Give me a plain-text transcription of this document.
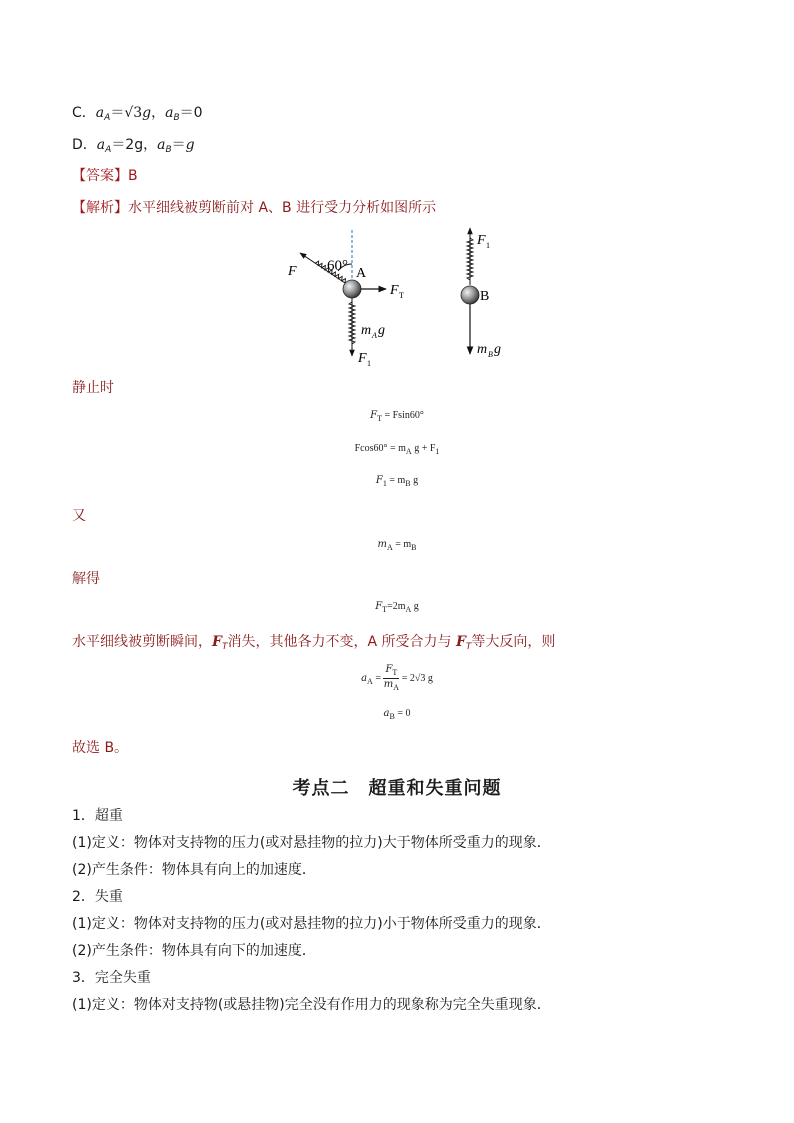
C．$a_A=√3g$，$a_B=0$
D．$a_A=2g$，$a_B=g$
【答案】B
【解析】水平细线被剪断前对 A、B 进行受力分析如图所示
60° A
F
F T
m A g
F 1
F 1
B
m B g
静止时
$F_T = Fsin60^\circ$
$Fcos60^\circ = m_A$ $g + F_1$
$F_1 = m_B$ g
又
$m_A = m_B$
解得
$F_T=2m_A$ g
水平细线被剪断瞬间，$F_T$消失，其他各力不变，A 所受合力与 $F_T$等大反向，则
$a_A = \frac{F_T}{m_A} = 2√3$ g
$a_B = 0$
故选 B。
考点二　超重和失重问题
1．超重
(1)定义：物体对支持物的压力(或对悬挂物的拉力)大于物体所受重力的现象．
(2)产生条件：物体具有向上的加速度．
2．失重
(1)定义：物体对支持物的压力(或对悬挂物的拉力)小于物体所受重力的现象．
(2)产生条件：物体具有向下的加速度．
3．完全失重
(1)定义：物体对支持物(或悬挂物)完全没有作用力的现象称为完全失重现象．
